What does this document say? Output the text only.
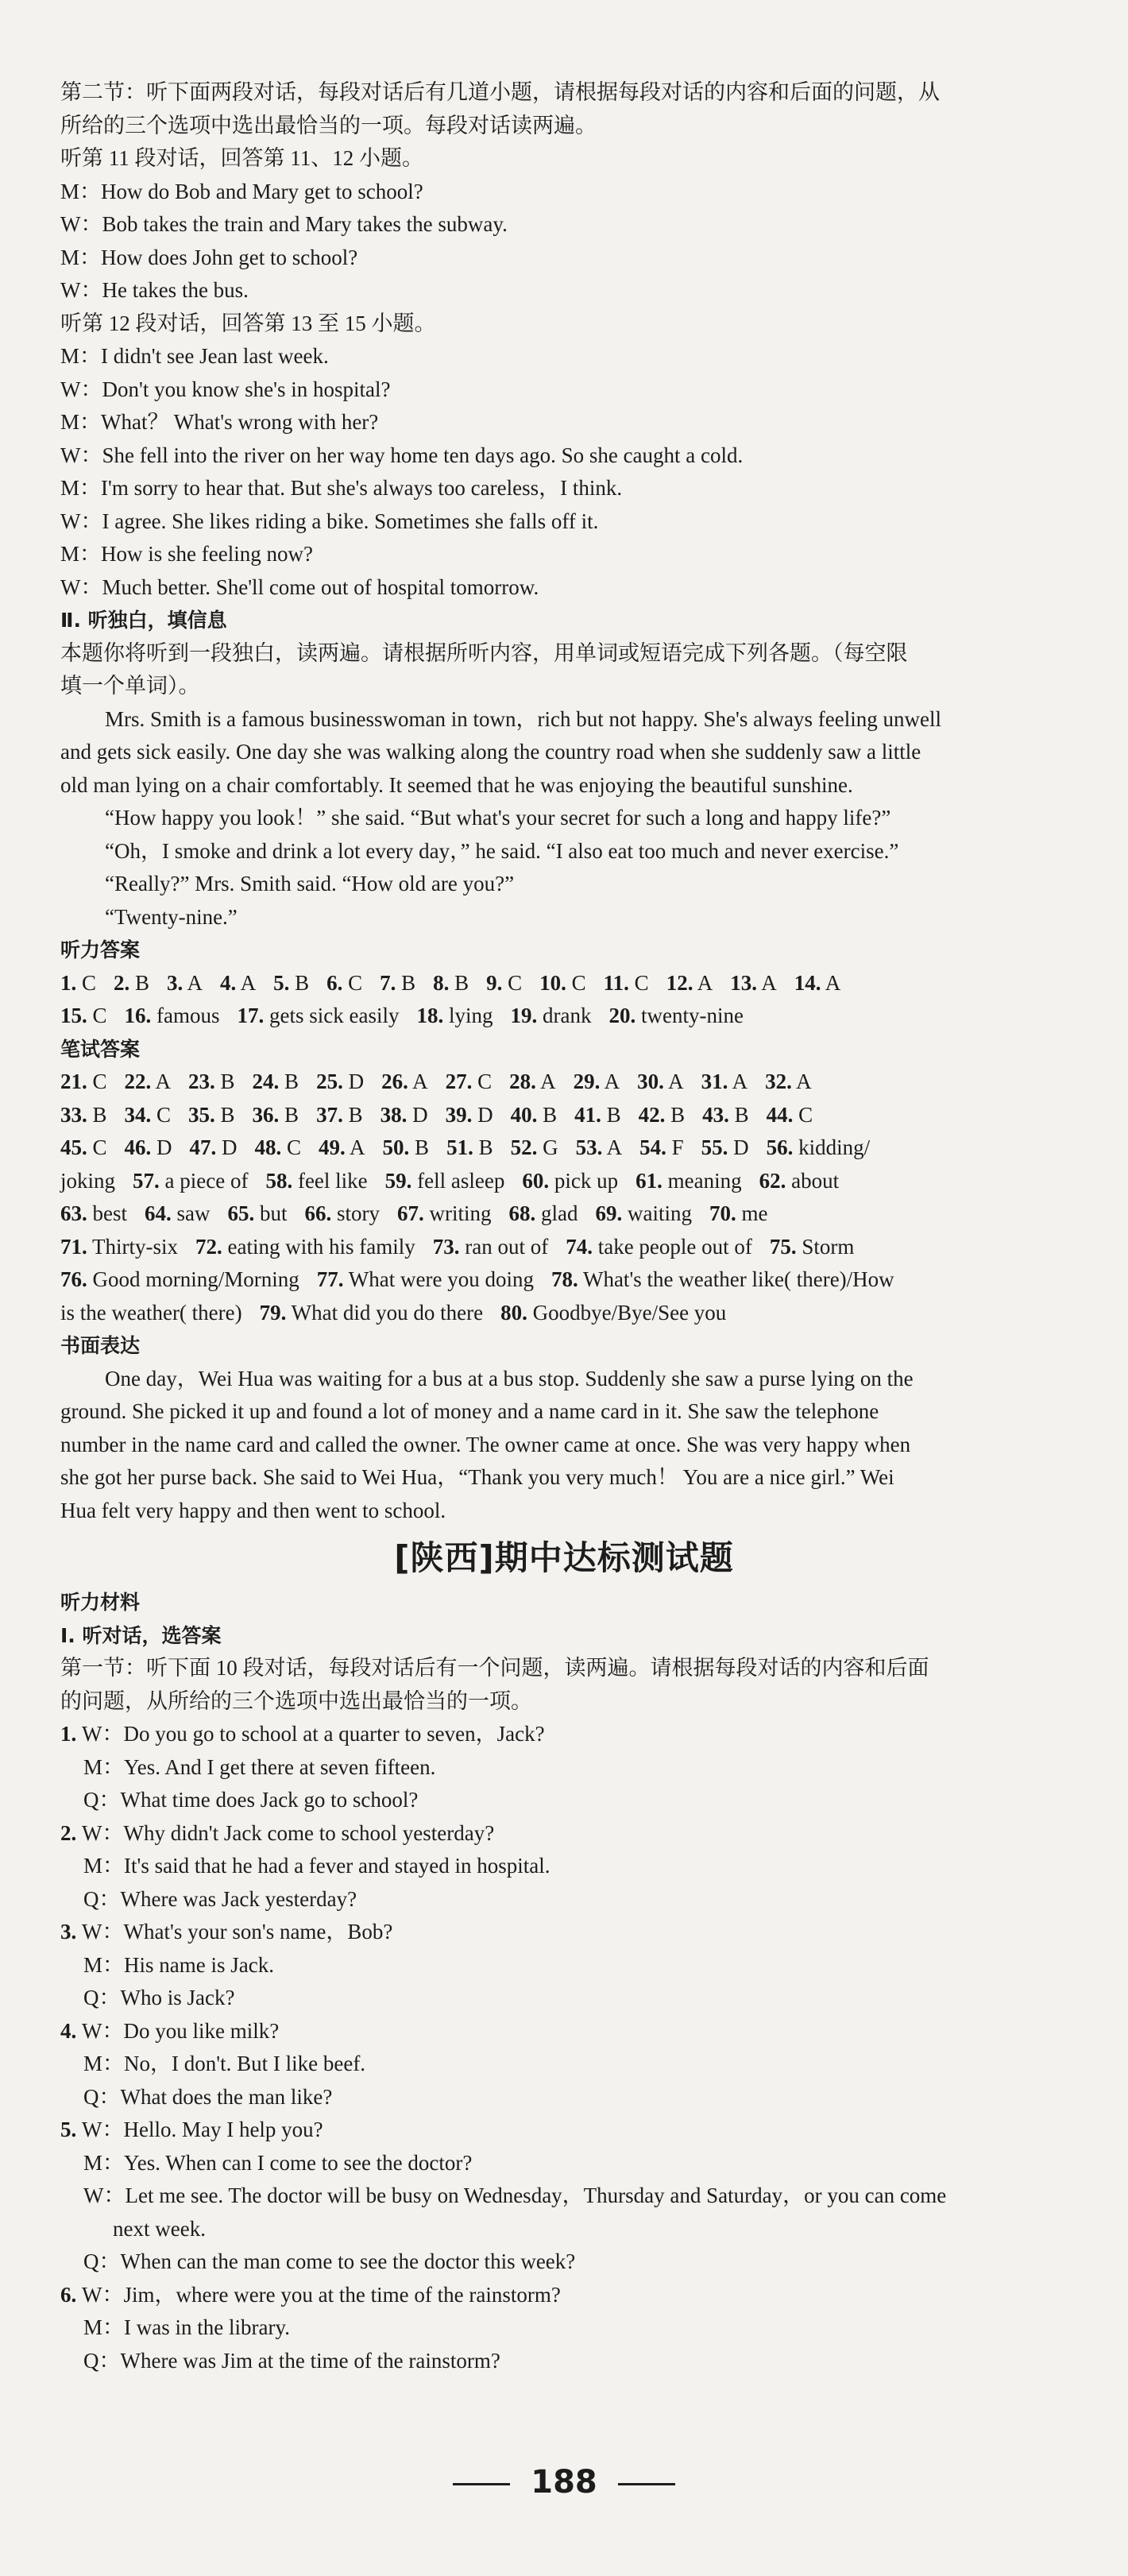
第二节：听下面两段对话，每段对话后有几道小题，请根据每段对话的内容和后面的问题，从

所给的三个选项中选出最恰当的一项。每段对话读两遍。

听第 11 段对话，回答第 11、12 小题。

M：How do Bob and Mary get to school?

W：Bob takes the train and Mary takes the subway.

M：How does John get to school?

W：He takes the bus.

听第 12 段对话，回答第 13 至 15 小题。

M：I didn't see Jean last week.

W：Don't you know she's in hospital?

M：What？ What's wrong with her?

W：She fell into the river on her way home ten days ago. So she caught a cold.

M：I'm sorry to hear that. But she's always too careless，I think.

W：I agree. She likes riding a bike. Sometimes she falls off it.

M：How is she feeling now?

W：Much better. She'll come out of hospital tomorrow.

Ⅱ. 听独白，填信息

本题你将听到一段独白，读两遍。请根据所听内容，用单词或短语完成下列各题。（每空限

填一个单词）。

Mrs. Smith is a famous businesswoman in town，rich but not happy. She's always feeling unwell

and gets sick easily. One day she was walking along the country road when she suddenly saw a little

old man lying on a chair comfortably. It seemed that he was enjoying the beautiful sunshine.

“How happy you look！” she said. “But what's your secret for such a long and happy life?”

“Oh，I smoke and drink a lot every day，” he said. “I also eat too much and never exercise.”

“Really?” Mrs. Smith said. “How old are you?”

“Twenty-nine.”

听力答案

1. C 2. B 3. A 4. A 5. B 6. C 7. B 8. B 9. C 10. C 11. C 12. A 13. A 14. A
15. C 16. famous 17. gets sick easily 18. lying 19. drank 20. twenty-nine

笔试答案

21. C 22. A 23. B 24. B 25. D 26. A 27. C 28. A 29. A 30. A 31. A 32. A
33. B 34. C 35. B 36. B 37. B 38. D 39. D 40. B 41. B 42. B 43. B 44. C
45. C 46. D 47. D 48. C 49. A 50. B 51. B 52. G 53. A 54. F 55. D 56. kidding/
joking 57. a piece of 58. feel like 59. fell asleep 60. pick up 61. meaning 62. about
63. best 64. saw 65. but 66. story 67. writing 68. glad 69. waiting 70. me
71. Thirty-six 72. eating with his family 73. ran out of 74. take people out of 75. Storm
76. Good morning/Morning 77. What were you doing 78. What's the weather like( there)/How
is the weather( there) 79. What did you do there 80. Goodbye/Bye/See you

书面表达

One day，Wei Hua was waiting for a bus at a bus stop. Suddenly she saw a purse lying on the

ground. She picked it up and found a lot of money and a name card in it. She saw the telephone

number in the name card and called the owner. The owner came at once. She was very happy when

she got her purse back. She said to Wei Hua，“Thank you very much！ You are a nice girl.” Wei

Hua felt very happy and then went to school.

[陕西]期中达标测试题

听力材料

Ⅰ. 听对话，选答案

第一节：听下面 10 段对话，每段对话后有一个问题，读两遍。请根据每段对话的内容和后面

的问题，从所给的三个选项中选出最恰当的一项。

1. W：Do you go to school at a quarter to seven，Jack?

M：Yes. And I get there at seven fifteen.

Q：What time does Jack go to school?

2. W：Why didn't Jack come to school yesterday?

M：It's said that he had a fever and stayed in hospital.

Q：Where was Jack yesterday?

3. W：What's your son's name，Bob?

M：His name is Jack.

Q：Who is Jack?

4. W：Do you like milk?

M：No，I don't. But I like beef.

Q：What does the man like?

5. W：Hello. May I help you?

M：Yes. When can I come to see the doctor?

W：Let me see. The doctor will be busy on Wednesday，Thursday and Saturday，or you can come

next week.

Q：When can the man come to see the doctor this week?

6. W：Jim，where were you at the time of the rainstorm?

M：I was in the library.

Q：Where was Jim at the time of the rainstorm?

188
